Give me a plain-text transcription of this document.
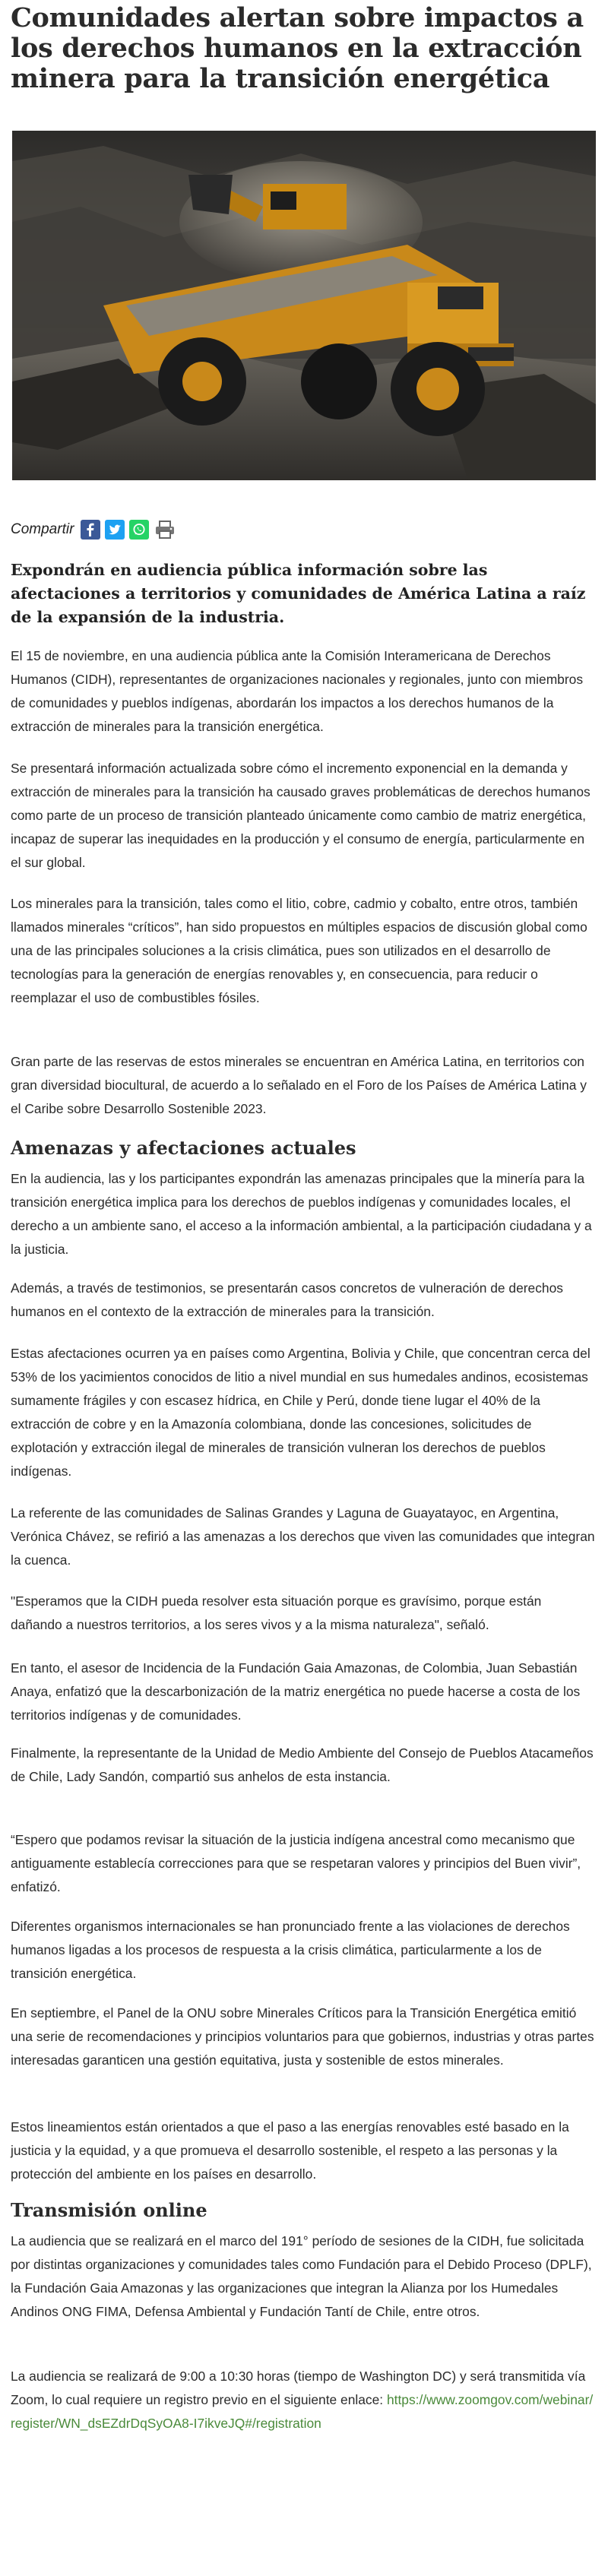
Comunidades alertan sobre impactos a los derechos humanos en la extracción minera para la transición energética
Compartir

Expondrán en audiencia pública información sobre las afectaciones a territorios y comunidades de América Latina a raíz de la expansión de la industria.

El 15 de noviembre, en una audiencia pública ante la Comisión Interamericana de Derechos Humanos (CIDH), representantes de organizaciones nacionales y regionales, junto con miembros de comunidades y pueblos indígenas, abordarán los impactos a los derechos humanos de la extracción de minerales para la transición energética.

Se presentará información actualizada sobre cómo el incremento exponencial en la demanda y extracción de minerales para la transición ha causado graves problemáticas de derechos humanos como parte de un proceso de transición planteado únicamente como cambio de matriz energética, incapaz de superar las inequidades en la producción y el consumo de energía, particularmente en el sur global.

Los minerales para la transición, tales como el litio, cobre, cadmio y cobalto, entre otros, también llamados minerales “críticos”, han sido propuestos en múltiples espacios de discusión global como una de las principales soluciones a la crisis climática, pues son utilizados en el desarrollo de tecnologías para la generación de energías renovables y, en consecuencia, para reducir o reemplazar el uso de combustibles fósiles.

Gran parte de las reservas de estos minerales se encuentran en América Latina, en territorios con gran diversidad biocultural, de acuerdo a lo señalado en el Foro de los Países de América Latina y el Caribe sobre Desarrollo Sostenible 2023.

Amenazas y afectaciones actuales

En la audiencia, las y los participantes expondrán las amenazas principales que la minería para la transición energética implica para los derechos de pueblos indígenas y comunidades locales, el derecho a un ambiente sano, el acceso a la información ambiental, a la participación ciudadana y a la justicia.

Además, a través de testimonios, se presentarán casos concretos de vulneración de derechos humanos en el contexto de la extracción de minerales para la transición.

Estas afectaciones ocurren ya en países como Argentina, Bolivia y Chile, que concentran cerca del 53% de los yacimientos conocidos de litio a nivel mundial en sus humedales andinos, ecosistemas sumamente frágiles y con escasez hídrica, en Chile y Perú, donde tiene lugar el 40% de la extracción de cobre y en la Amazonía colombiana, donde las concesiones, solicitudes de explotación y extracción ilegal de minerales de transición vulneran los derechos de pueblos indígenas.

La referente de las comunidades de Salinas Grandes y Laguna de Guayatayoc, en Argentina, Verónica Chávez, se refirió a las amenazas a los derechos que viven las comunidades que integran la cuenca.

"Esperamos que la CIDH pueda resolver esta situación porque es gravísimo, porque están dañando a nuestros territorios, a los seres vivos y a la misma naturaleza", señaló.

En tanto, el asesor de Incidencia de la Fundación Gaia Amazonas, de Colombia, Juan Sebastián Anaya, enfatizó que la descarbonización de la matriz energética no puede hacerse a costa de los territorios indígenas y de comunidades.

Finalmente, la representante de la Unidad de Medio Ambiente del Consejo de Pueblos Atacameños de Chile, Lady Sandón, compartió sus anhelos de esta instancia.

“Espero que podamos revisar la situación de la justicia indígena ancestral como mecanismo que antiguamente establecía correcciones para que se respetaran valores y principios del Buen vivir”, enfatizó.

Diferentes organismos internacionales se han pronunciado frente a las violaciones de derechos humanos ligadas a los procesos de respuesta a la crisis climática, particularmente a los de transición energética.

En septiembre, el Panel de la ONU sobre Minerales Críticos para la Transición Energética emitió una serie de recomendaciones y principios voluntarios para que gobiernos, industrias y otras partes interesadas garanticen una gestión equitativa, justa y sostenible de estos minerales.

Estos lineamientos están orientados a que el paso a las energías renovables esté basado en la justicia y la equidad, y a que promueva el desarrollo sostenible, el respeto a las personas y la protección del ambiente en los países en desarrollo.

Transmisión online

La audiencia que se realizará en el marco del 191° período de sesiones de la CIDH, fue solicitada por distintas organizaciones y comunidades tales como Fundación para el Debido Proceso (DPLF), la Fundación Gaia Amazonas y las organizaciones que integran la Alianza por los Humedales Andinos ONG FIMA, Defensa Ambiental y Fundación Tantí de Chile, entre otros.

La audiencia se realizará de 9:00 a 10:30 horas (tiempo de Washington DC) y será transmitida vía Zoom, lo cual requiere un registro previo en el siguiente enlace: https://www.zoomgov.com/webinar/register/WN_dsEZdrDqSyOA8-I7ikveJQ#/registration
